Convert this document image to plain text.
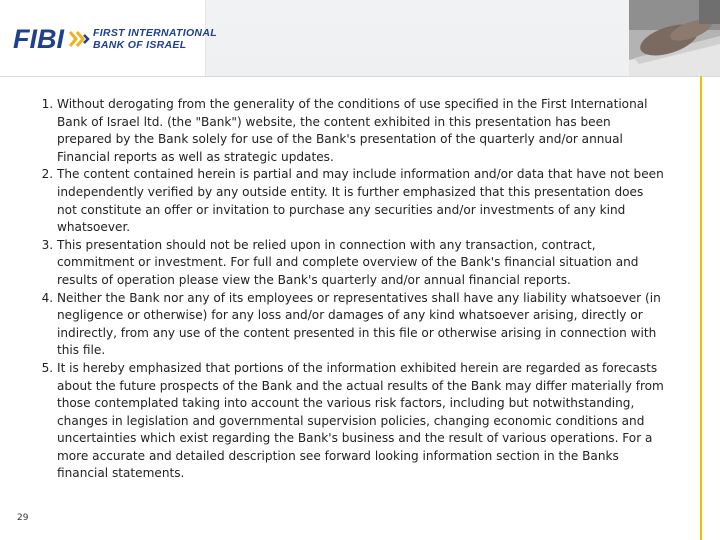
FIBI	FIRST INTERNATIONAL
BANK OF ISRAEL
1. Without derogating from the generality of the conditions of use specified in the First International Bank of Israel ltd. (the "Bank") website, the content exhibited in this presentation has been prepared by the Bank solely for use of the Bank's presentation of the quarterly and/or annual Financial reports as well as strategic updates.
2. The content contained herein is partial and may include information and/or data that have not been independently verified by any outside entity. It is further emphasized that this presentation does not constitute an offer or invitation to purchase any securities and/or investments of any kind whatsoever.
3. This presentation should not be relied upon in connection with any transaction, contract, commitment or investment. For full and complete overview of the Bank's financial situation and results of operation please view the Bank's quarterly and/or annual financial reports.
4. Neither the Bank nor any of its employees or representatives shall have any liability whatsoever (in negligence or otherwise) for any loss and/or damages of any kind whatsoever arising, directly or indirectly, from any use of the content presented in this file or otherwise arising in connection with this file.
5. It is hereby emphasized that portions of the information exhibited herein are regarded as forecasts about the future prospects of the Bank and the actual results of the Bank may differ materially from those contemplated taking into account the various risk factors, including but notwithstanding, changes in legislation and governmental supervision policies, changing economic conditions and uncertainties which exist regarding the Bank's business and the result of various operations. For a more accurate and detailed description see forward looking information section in the Banks financial statements.
29
